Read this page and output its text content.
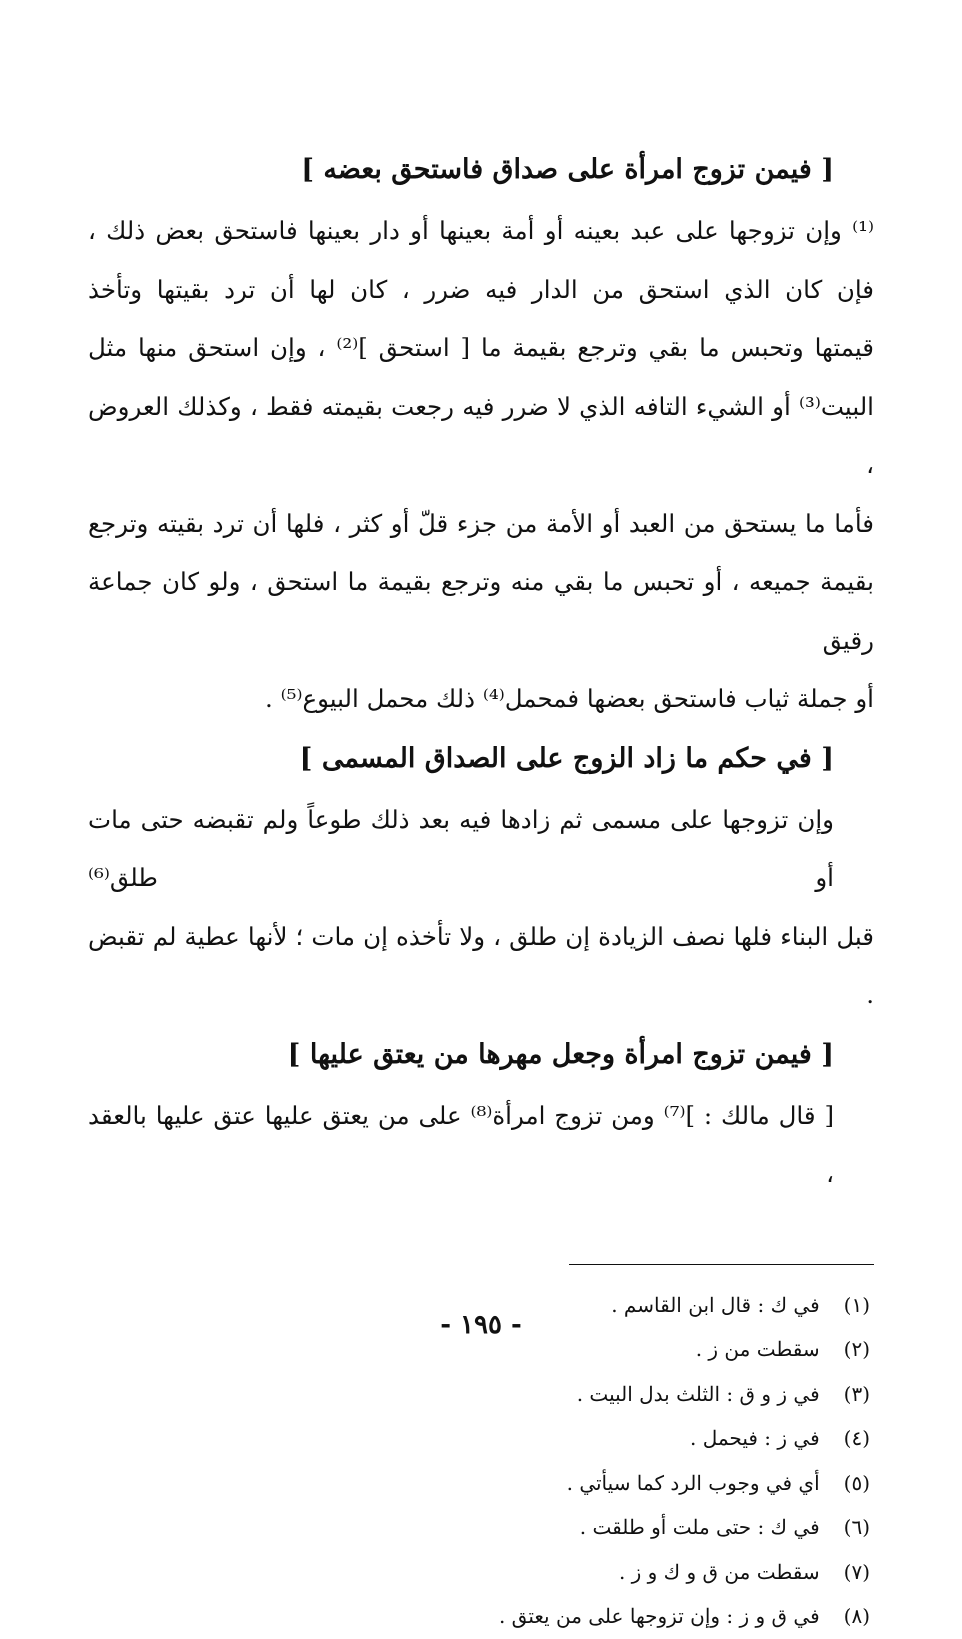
[ فيمن تزوج امرأة على صداق فاستحق بعضه ]

⁽¹⁾ وإن تزوجها على عبد بعينه أو أمة بعينها أو دار بعينها فاستحق بعض ذلك ،
فإن كان الذي استحق من الدار فيه ضرر ، كان لها أن ترد بقيتها وتأخذ
قيمتها وتحبس ما بقي وترجع بقيمة ما [ استحق ]⁽²⁾ ، وإن استحق منها مثل
البيت⁽³⁾ أو الشيء التافه الذي لا ضرر فيه رجعت بقيمته فقط ، وكذلك العروض ،
فأما ما يستحق من العبد أو الأمة من جزء قلّ أو كثر ، فلها أن ترد بقيته وترجع
بقيمة جميعه ، أو تحبس ما بقي منه وترجع بقيمة ما استحق ، ولو كان جماعة رقيق
أو جملة ثياب فاستحق بعضها فمحمل⁽⁴⁾ ذلك محمل البيوع⁽⁵⁾ .

[ في حكم ما زاد الزوج على الصداق المسمى ]

وإن تزوجها على مسمى ثم زادها فيه بعد ذلك طوعاً ولم تقبضه حتى مات أو طلق⁽⁶⁾
قبل البناء فلها نصف الزيادة إن طلق ، ولا تأخذه إن مات ؛ لأنها عطية لم تقبض .

[ فيمن تزوج امرأة وجعل مهرها من يعتق عليها ]

[ قال مالك : ]⁽⁷⁾ ومن تزوج امرأة⁽⁸⁾ على من يعتق عليها عتق عليها بالعقد ،

(١) في ك : قال ابن القاسم .
(٢) سقطت من ز .
(٣) في ز و ق : الثلث بدل البيت .
(٤) في ز : فيحمل .
(٥) أي في وجوب الرد كما سيأتي .
(٦) في ك : حتى ملت أو طلقت .
(٧) سقطت من ق و ك و ز .
(٨) في ق و ز : وإن تزوجها على من يعتق .
- ١٩٥ -
